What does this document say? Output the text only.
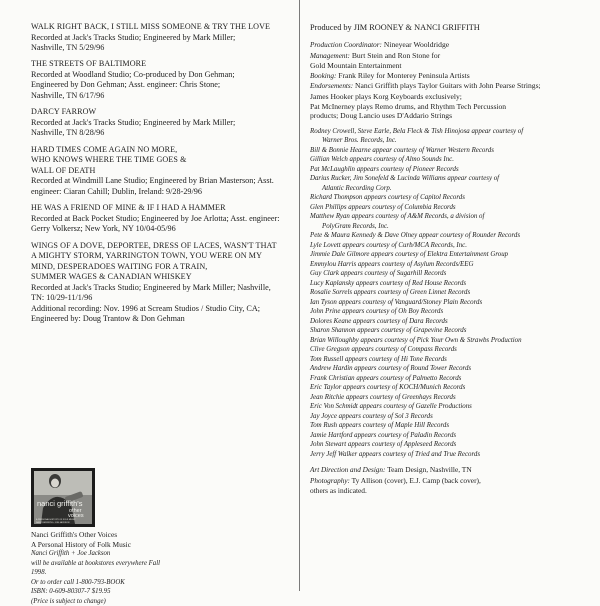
WALK RIGHT BACK, I STILL MISS SOMEONE & TRY THE LOVE
Recorded at Jack's Tracks Studio; Engineered by Mark Miller;
Nashville, TN 5/29/96
THE STREETS OF BALTIMORE
Recorded at Woodland Studio; Co-produced by Don Gehman;
Engineered by Don Gehman; Asst. engineer: Chris Stone;
Nashville, TN 6/17/96
DARCY FARROW
Recorded at Jack's Tracks Studio; Engineered by Mark Miller;
Nashville, TN 8/28/96
HARD TIMES COME AGAIN NO MORE,
WHO KNOWS WHERE THE TIME GOES &
WALL OF DEATH
Recorded at Windmill Lane Studio; Engineered by Brian Masterson; Asst.
engineer: Ciaran Cahill; Dublin, Ireland: 9/28-29/96
HE WAS A FRIEND OF MINE & IF I HAD A HAMMER
Recorded at Back Pocket Studio; Engineered by Joe Arlotta; Asst. engineer:
Gerry Volkersz; New York, NY 10/04-05/96
WINGS OF A DOVE, DEPORTEE, DRESS OF LACES, WASN'T THAT
A MIGHTY STORM, YARRINGTON TOWN, YOU WERE ON MY
MIND, DESPERADOES WAITING FOR A TRAIN,
SUMMER WAGES & CANADIAN WHISKEY
Recorded at Jack's Tracks Studio; Engineered by Mark Miller; Nashville,
TN: 10/29-11/1/96
Additional recording: Nov. 1996 at Scream Studios / Studio City, CA;
Engineered by: Doug Trantow & Don Gehman
nanci griffith's
other
voices
A PERSONAL HISTORY OF FOLK MUSIC
NANCI GRIFFITH + JOE JACKSON
Nanci Griffith's Other Voices
A Personal History of Folk Music
Nanci Griffith + Joe Jackson
will be available at bookstores everywhere Fall 1998.
Or to order call 1-800-793-BOOK
ISBN: 0-609-80307-7 $19.95
(Price is subject to change)
Produced by JIM ROONEY & NANCI GRIFFITH
Production Coordinator: Nineyear Wooldridge
Management: Burt Stein and Ron Stone for
Gold Mountain Entertainment
Booking: Frank Riley for Monterey Peninsula Artists
Endorsements: Nanci Griffith plays Taylor Guitars with John Pearse Strings;
James Hooker plays Korg Keyboards exclusively;
Pat McInerney plays Remo drums, and Rhythm Tech Percussion
products; Doug Lancio uses D'Addario Strings
Rodney Crowell, Steve Earle, Bela Fleck & Tish Hinojosa appear courtesy of
Warner Bros. Records, Inc.
Bill & Bonnie Hearne appear courtesy of Warner Western Records
Gillian Welch appears courtesy of Almo Sounds Inc.
Pat McLaughlin appears courtesy of Pioneer Records
Darius Rucker, Jim Sonefeld & Lucinda Williams appear courtesy of
Atlantic Recording Corp.
Richard Thompson appears courtesy of Capitol Records
Glen Phillips appears courtesy of Columbia Records
Matthew Ryan appears courtesy of A&M Records, a division of
PolyGram Records, Inc.
Pete & Maura Kennedy & Dave Olney appear courtesy of Rounder Records
Lyle Lovett appears courtesy of Curb/MCA Records, Inc.
Jimmie Dale Gilmore appears courtesy of Elektra Entertainment Group
Emmylou Harris appears courtesy of Asylum Records/EEG
Guy Clark appears courtesy of Sugarhill Records
Lucy Kaplansky appears courtesy of Red House Records
Rosalie Sorrels appears courtesy of Green Linnet Records
Ian Tyson appears courtesy of Vanguard/Stoney Plain Records
John Prine appears courtesy of Oh Boy Records
Dolores Keane appears courtesy of Dara Records
Sharon Shannon appears courtesy of Grapevine Records
Brian Willoughby appears courtesy of Pick Your Own & Strawbs Production
Clive Gregson appears courtesy of Compass Records
Tom Russell appears courtesy of Hi Tone Records
Andrew Hardin appears courtesy of Round Tower Records
Frank Christian appears courtesy of Palmetto Records
Eric Taylor appears courtesy of KOCH/Munich Records
Jean Ritchie appears courtesy of Greenhays Records
Eric Von Schmidt appears courtesy of Gazelle Productions
Jay Joyce appears courtesy of Sol 3 Records
Tom Rush appears courtesy of Maple Hill Records
Jamie Hartford appears courtesy of Paladin Records
John Stewart appears courtesy of Appleseed Records
Jerry Jeff Walker appears courtesy of Tried and True Records
Art Direction and Design: Team Design, Nashville, TN
Photography: Ty Allison (cover), E.J. Camp (back cover),
others as indicated.
